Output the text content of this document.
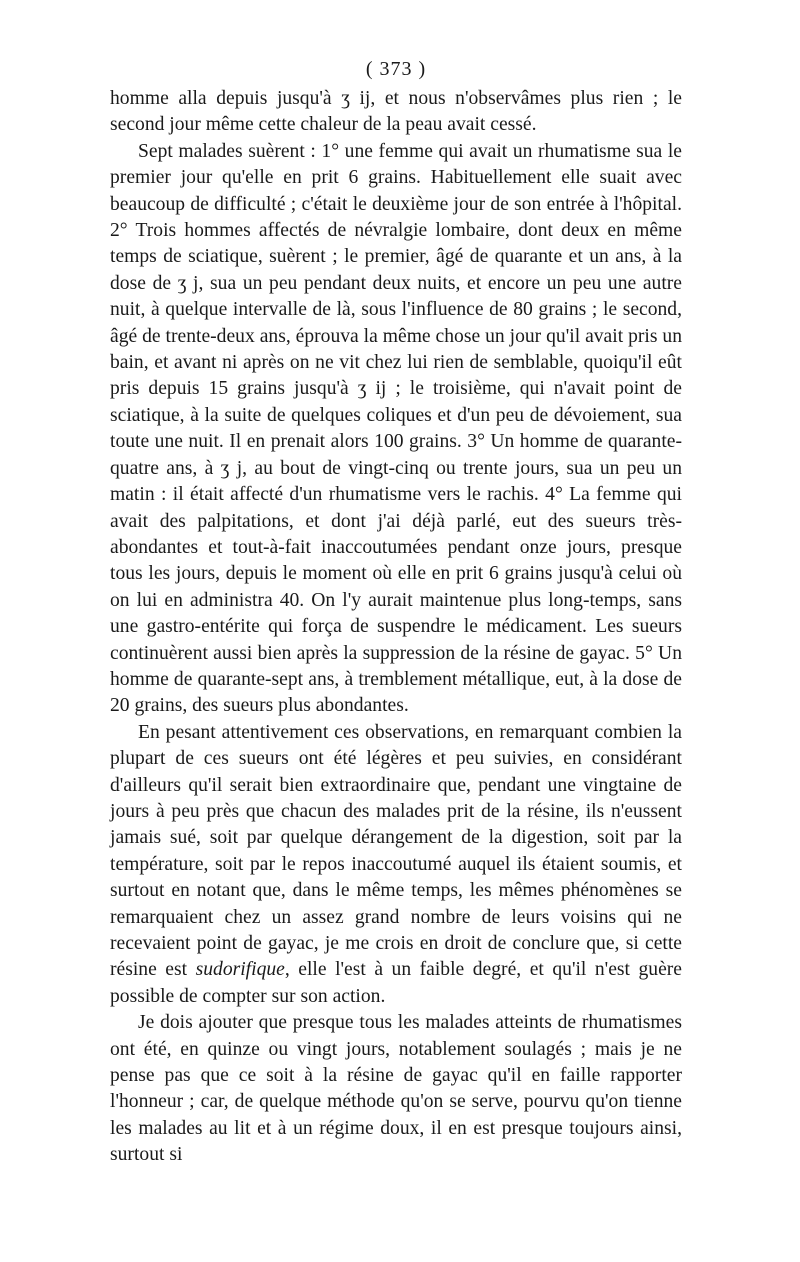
( 373 )

homme alla depuis jusqu'à ʒ ij, et nous n'observâmes plus rien ; le second jour même cette chaleur de la peau avait cessé.

Sept malades suèrent : 1° une femme qui avait un rhumatisme sua le premier jour qu'elle en prit 6 grains. Habituellement elle suait avec beaucoup de difficulté ; c'était le deuxième jour de son entrée à l'hôpital. 2° Trois hommes affectés de névralgie lombaire, dont deux en même temps de sciatique, suèrent ; le premier, âgé de quarante et un ans, à la dose de ʒ j, sua un peu pendant deux nuits, et encore un peu une autre nuit, à quelque intervalle de là, sous l'influence de 80 grains ; le second, âgé de trente-deux ans, éprouva la même chose un jour qu'il avait pris un bain, et avant ni après on ne vit chez lui rien de semblable, quoiqu'il eût pris depuis 15 grains jusqu'à ʒ ij ; le troisième, qui n'avait point de sciatique, à la suite de quelques coliques et d'un peu de dévoiement, sua toute une nuit. Il en prenait alors 100 grains. 3° Un homme de quarante-quatre ans, à ʒ j, au bout de vingt-cinq ou trente jours, sua un peu un matin : il était affecté d'un rhumatisme vers le rachis. 4° La femme qui avait des palpitations, et dont j'ai déjà parlé, eut des sueurs très-abondantes et tout-à-fait inaccoutumées pendant onze jours, presque tous les jours, depuis le moment où elle en prit 6 grains jusqu'à celui où on lui en administra 40. On l'y aurait maintenue plus long-temps, sans une gastro-entérite qui força de suspendre le médicament. Les sueurs continuèrent aussi bien après la suppression de la résine de gayac. 5° Un homme de quarante-sept ans, à tremblement métallique, eut, à la dose de 20 grains, des sueurs plus abondantes.

En pesant attentivement ces observations, en remarquant combien la plupart de ces sueurs ont été légères et peu suivies, en considérant d'ailleurs qu'il serait bien extraordinaire que, pendant une vingtaine de jours à peu près que chacun des malades prit de la résine, ils n'eussent jamais sué, soit par quelque dérangement de la digestion, soit par la température, soit par le repos inaccoutumé auquel ils étaient soumis, et surtout en notant que, dans le même temps, les mêmes phénomènes se remarquaient chez un assez grand nombre de leurs voisins qui ne recevaient point de gayac, je me crois en droit de conclure que, si cette résine est sudorifique, elle l'est à un faible degré, et qu'il n'est guère possible de compter sur son action.

Je dois ajouter que presque tous les malades atteints de rhumatismes ont été, en quinze ou vingt jours, notablement soulagés ; mais je ne pense pas que ce soit à la résine de gayac qu'il en faille rapporter l'honneur ; car, de quelque méthode qu'on se serve, pourvu qu'on tienne les malades au lit et à un régime doux, il en est presque toujours ainsi, surtout si
